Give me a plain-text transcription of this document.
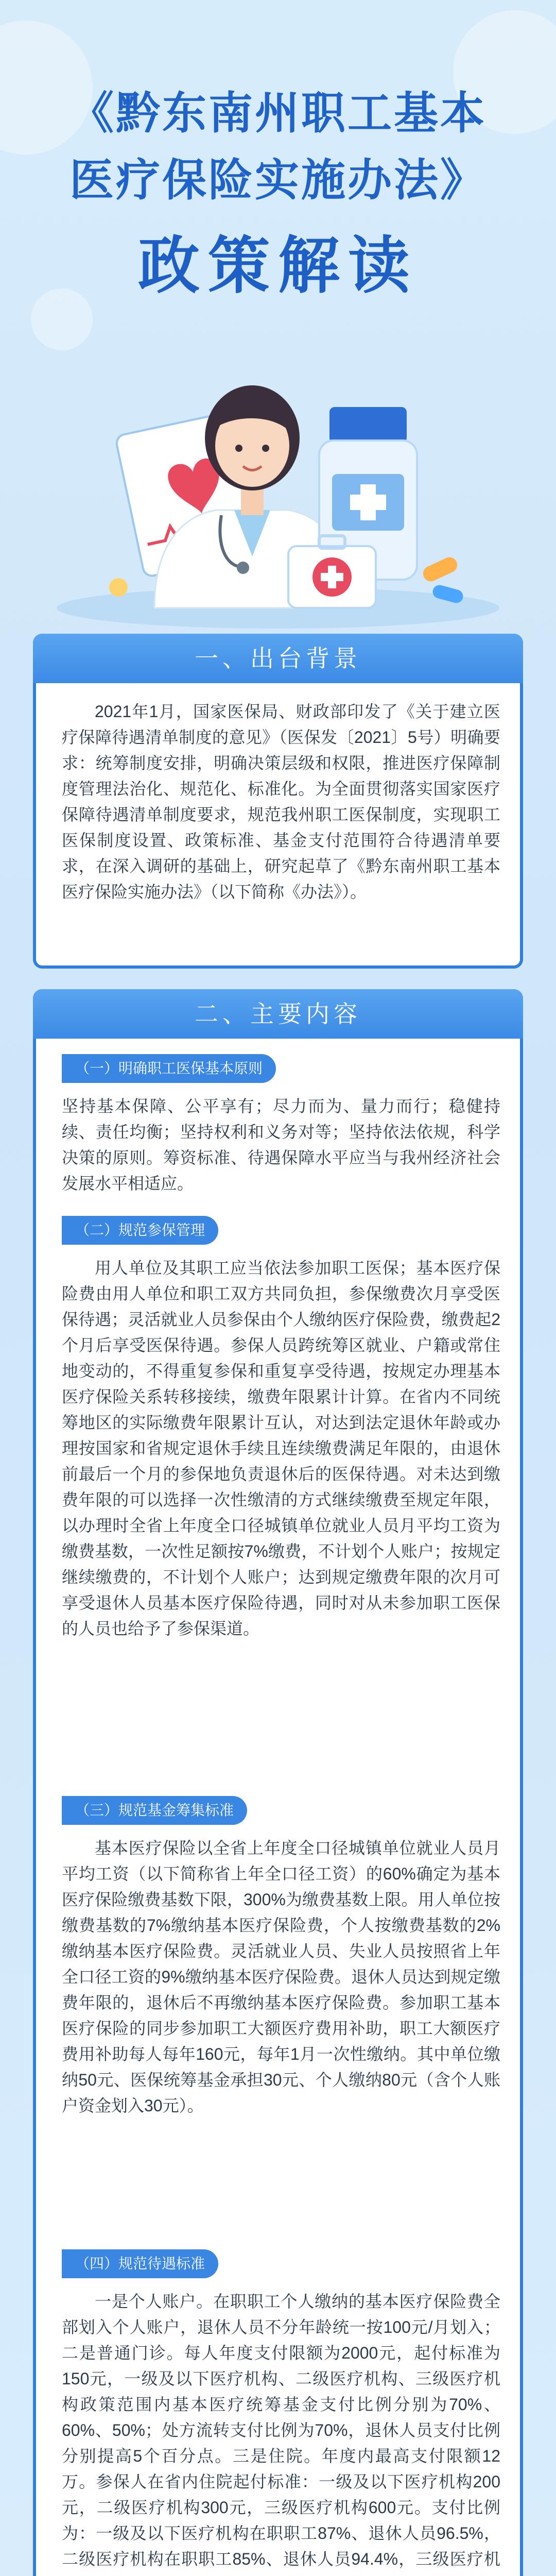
《黔东南州职工基本
医疗保险实施办法》
政策解读
一、出台背景

2021年1月，国家医保局、财政部印发了《关于建立医疗保障待遇清单制度的意见》（医保发〔2021〕5号）明确要求：统筹制度安排，明确决策层级和权限，推进医疗保障制度管理法治化、规范化、标准化。为全面贯彻落实国家医疗保障待遇清单制度要求，规范我州职工医保制度，实现职工医保制度设置、政策标准、基金支付范围符合待遇清单要求，在深入调研的基础上，研究起草了《黔东南州职工基本医疗保险实施办法》（以下简称《办法》）。

二、主要内容
（一）明确职工医保基本原则

坚持基本保障、公平享有；尽力而为、量力而行；稳健持续、责任均衡；坚持权利和义务对等；坚持依法依规，科学决策的原则。筹资标准、待遇保障水平应当与我州经济社会发展水平相适应。

（二）规范参保管理

用人单位及其职工应当依法参加职工医保；基本医疗保险费由用人单位和职工双方共同负担，参保缴费次月享受医保待遇；灵活就业人员参保由个人缴纳医疗保险费，缴费起2个月后享受医保待遇。参保人员跨统筹区就业、户籍或常住地变动的，不得重复参保和重复享受待遇，按规定办理基本医疗保险关系转移接续，缴费年限累计计算。在省内不同统筹地区的实际缴费年限累计互认，对达到法定退休年龄或办理按国家和省规定退休手续且连续缴费满足年限的，由退休前最后一个月的参保地负责退休后的医保待遇。对未达到缴费年限的可以选择一次性缴清的方式继续缴费至规定年限，以办理时全省上年度全口径城镇单位就业人员月平均工资为缴费基数，一次性足额按7%缴费，不计划个人账户；按规定继续缴费的，不计划个人账户；达到规定缴费年限的次月可享受退休人员基本医疗保险待遇，同时对从未参加职工医保的人员也给予了参保渠道。

（三）规范基金筹集标准

基本医疗保险以全省上年度全口径城镇单位就业人员月平均工资（以下简称省上年全口径工资）的60%确定为基本医疗保险缴费基数下限，300%为缴费基数上限。用人单位按缴费基数的7%缴纳基本医疗保险费，个人按缴费基数的2%缴纳基本医疗保险费。灵活就业人员、失业人员按照省上年全口径工资的9%缴纳基本医疗保险费。退休人员达到规定缴费年限的，退休后不再缴纳基本医疗保险费。参加职工基本医疗保险的同步参加职工大额医疗费用补助，职工大额医疗费用补助每人每年160元，每年1月一次性缴纳。其中单位缴纳50元、医保统筹基金承担30元、个人缴纳80元（含个人账户资金划入30元）。

（四）规范待遇标准

一是个人账户。在职职工个人缴纳的基本医疗保险费全部划入个人账户，退休人员不分年龄统一按100元/月划入；二是普通门诊。每人年度支付限额为2000元，起付标准为150元，一级及以下医疗机构、二级医疗机构、三级医疗机构政策范围内基本医疗统筹基金支付比例分别为70%、60%、50%；处方流转支付比例为70%，退休人员支付比例分别提高5个百分点。三是住院。年度内最高支付限额12万。参保人在省内住院起付标准：一级及以下医疗机构200元，二级医疗机构300元，三级医疗机构600元。支付比例为：一级及以下医疗机构在职职工87%、退休人员96.5%，二级医疗机构在职职工85%、退休人员94.4%，三级医疗机
